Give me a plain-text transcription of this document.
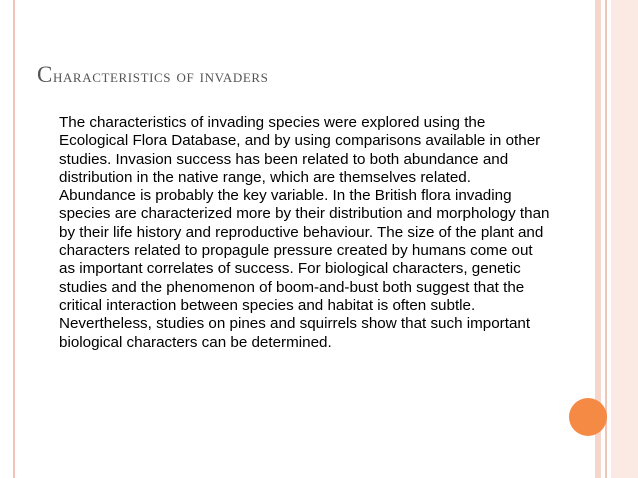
Characteristics of invaders

The characteristics of invading species were explored using the Ecological Flora Database, and by using comparisons available in other studies. Invasion success has been related to both abundance and distribution in the native range, which are themselves related. Abundance is probably the key variable. In the British flora invading species are characterized more by their distribution and morphology than by their life history and reproductive behaviour. The size of the plant and characters related to propagule pressure created by humans come out as important correlates of success. For biological characters, genetic studies and the phenomenon of boom-and-bust both suggest that the critical interaction between species and habitat is often subtle. Nevertheless, studies on pines and squirrels show that such important biological characters can be determined.
